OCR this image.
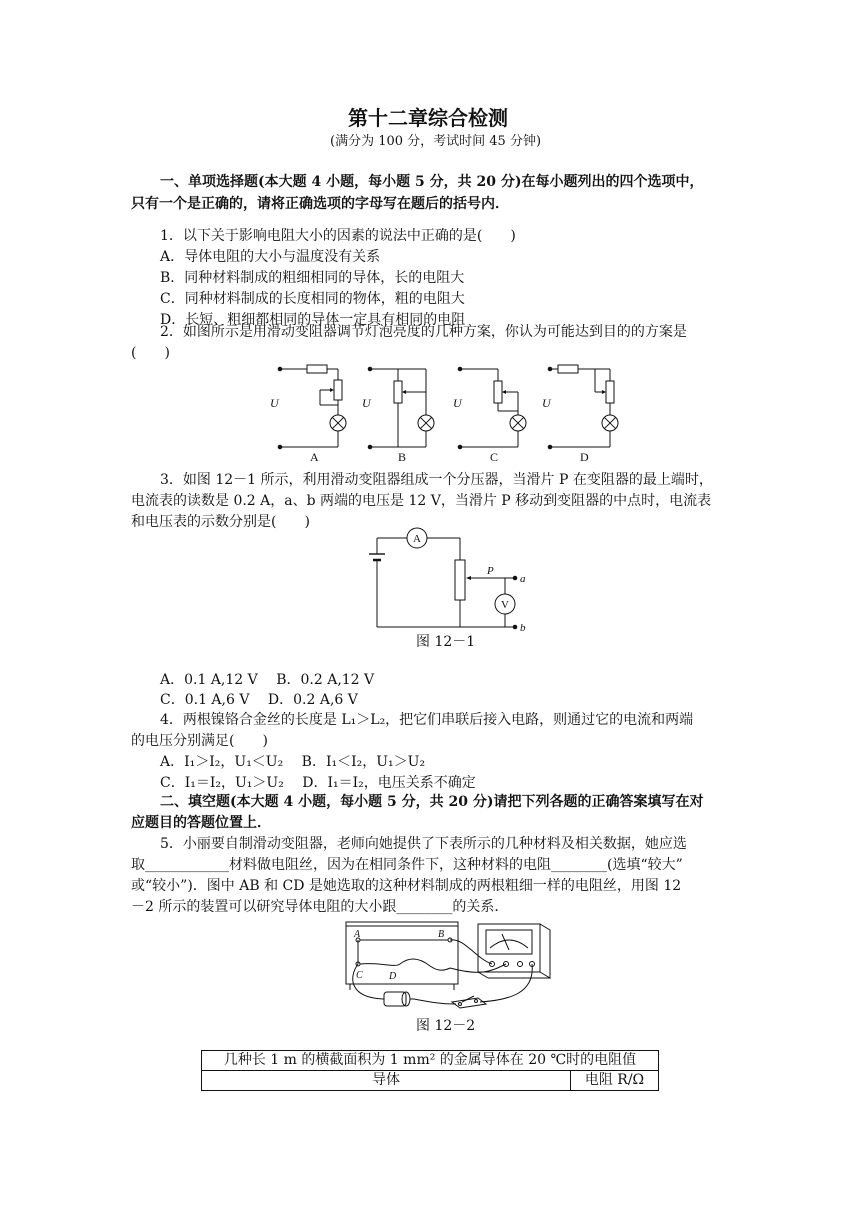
第十二章综合检测
(满分为 100 分，考试时间 45 分钟)
一、单项选择题(本大题 4 小题，每小题 5 分，共 20 分)在每小题列出的四个选项中，
只有一个是正确的，请将正确选项的字母写在题后的括号内．
1．以下关于影响电阻大小的因素的说法中正确的是(　　)
A．导体电阻的大小与温度没有关系
B．同种材料制成的粗细相同的导体，长的电阻大
C．同种材料制成的长度相同的物体，粗的电阻大
D．长短、粗细都相同的导体一定具有相同的电阻
2．如图所示是用滑动变阻器调节灯泡亮度的几种方案，你认为可能达到目的的方案是
(　　)
U	U	U	U
A	B	C	D
3．如图 12－1 所示，利用滑动变阻器组成一个分压器，当滑片 P 在变阻器的最上端时，
电流表的读数是 0.2 A，a、b 两端的电压是 12 V，当滑片 P 移动到变阻器的中点时，电流表
和电压表的示数分别是(　　)
A
V
P
a
b
图 12－1
A．0.1 A,12 V　 B．0.2 A,12 V
C．0.1 A,6 V　 D．0.2 A,6 V
4．两根镍铬合金丝的长度是 L₁＞L₂，把它们串联后接入电路，则通过它的电流和两端
的电压分别满足(　　)
A．I₁＞I₂，U₁＜U₂　 B．I₁＜I₂，U₁＞U₂
C．I₁＝I₂，U₁＞U₂　 D．I₁＝I₂，电压关系不确定
二、填空题(本大题 4 小题，每小题 5 分，共 20 分)请把下列各题的正确答案填写在对
应题目的答题位置上．
5．小丽要自制滑动变阻器，老师向她提供了下表所示的几种材料及相关数据，她应选
取____________材料做电阻丝，因为在相同条件下，这种材料的电阻________(选填“较大”
或“较小”)．图中 AB 和 CD 是她选取的这种材料制成的两根粗细一样的电阻丝，用图 12
－2 所示的装置可以研究导体电阻的大小跟________的关系．
A	B
C	D
图 12－2
几种长 1 m 的横截面积为 1 mm² 的金属导体在 20 ℃时的电阻值
导体	电阻 R/Ω
